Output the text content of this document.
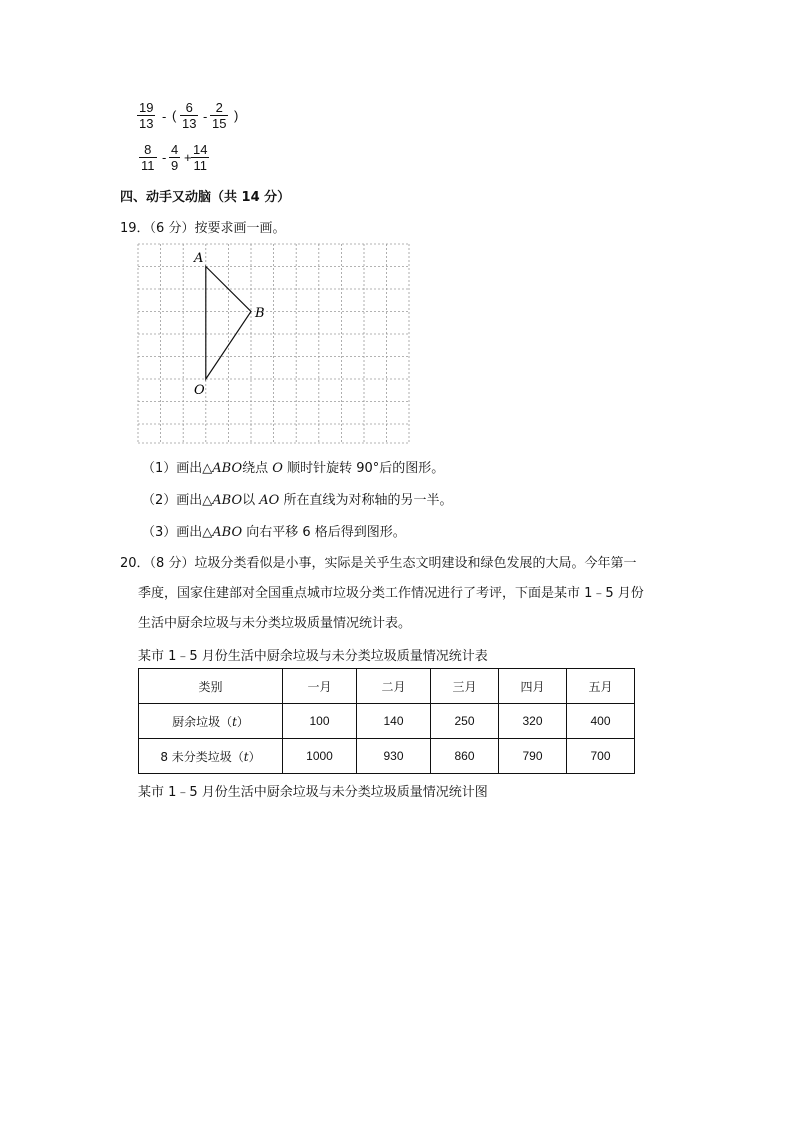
$\frac{19}{13}$ - ( $\frac{6}{13} - \frac{2}{15}$ )
$\frac{8}{11} - \frac{4}{9} + \frac{14}{11}$
四、动手又动脑（共 14 分）
19．（6 分）按要求画一画。
A
B
O
（1）画出△ABO绕点 O 顺时针旋转 90°后的图形。
（2）画出△ABO以 AO 所在直线为对称轴的另一半。
（3）画出△ABO 向右平移 6 格后得到图形。
20．（8 分）垃圾分类看似是小事，实际是关乎生态文明建设和绿色发展的大局。今年第一
季度，国家住建部对全国重点城市垃圾分类工作情况进行了考评，下面是某市 1﹣5 月份
生活中厨余垃圾与未分类垃圾质量情况统计表。
某市 1﹣5 月份生活中厨余垃圾与未分类垃圾质量情况统计表
类别	一月	二月	三月	四月	五月
厨余垃圾（t）	100	140	250	320	400
8 未分类垃圾（t）	1000	930	860	790	700
某市 1﹣5 月份生活中厨余垃圾与未分类垃圾质量情况统计图
